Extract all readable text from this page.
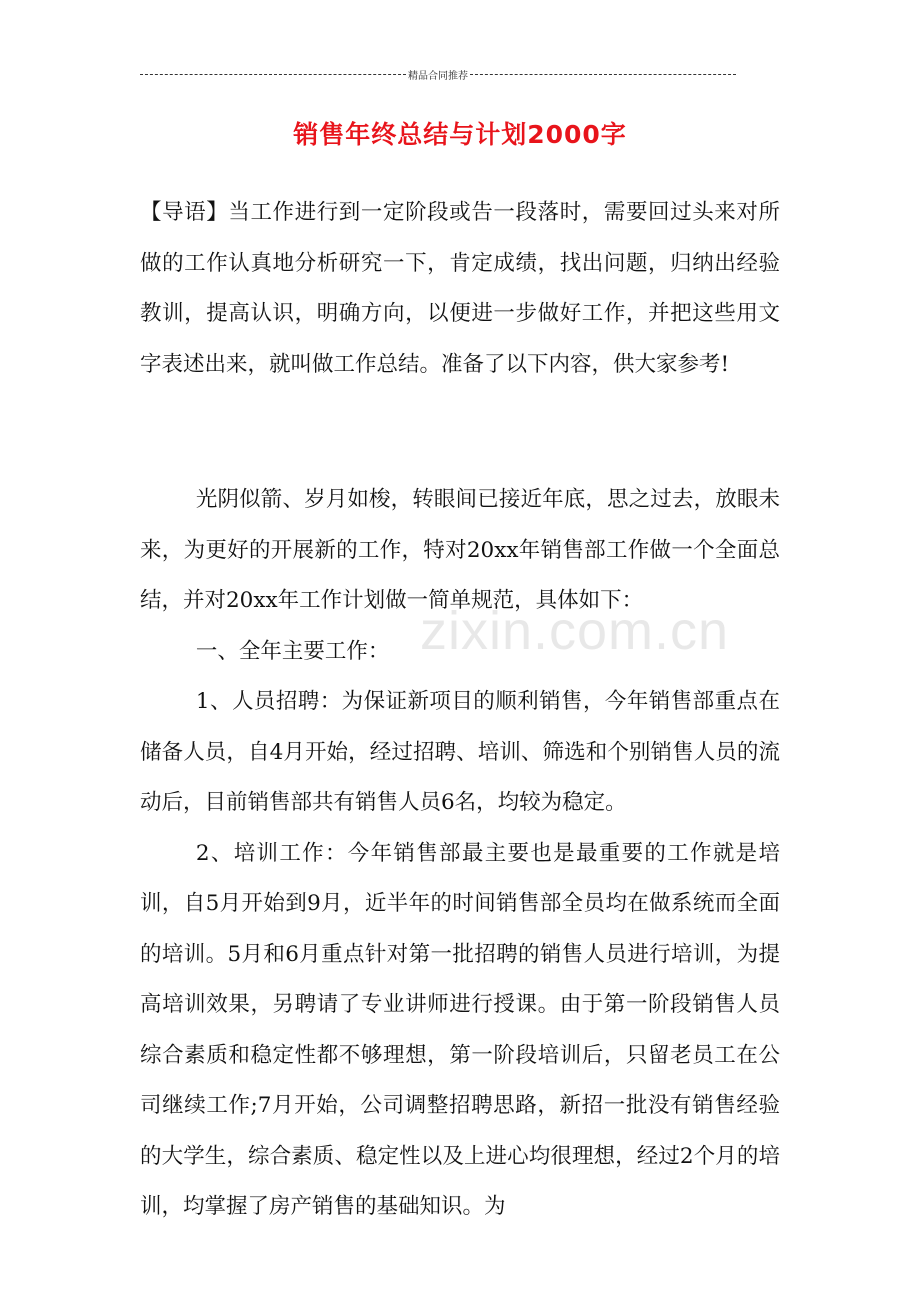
精品合同推荐
销售年终总结与计划2000字

【导语】当工作进行到一定阶段或告一段落时，需要回过头来对所做的工作认真地分析研究一下，肯定成绩，找出问题，归纳出经验教训，提高认识，明确方向，以便进一步做好工作，并把这些用文字表述出来，就叫做工作总结。准备了以下内容，供大家参考!

光阴似箭、岁月如梭，转眼间已接近年底，思之过去，放眼未来，为更好的开展新的工作，特对20xx年销售部工作做一个全面总结，并对20xx年工作计划做一简单规范，具体如下：

一、全年主要工作：

1、人员招聘：为保证新项目的顺利销售，今年销售部重点在储备人员，自4月开始，经过招聘、培训、筛选和个别销售人员的流动后，目前销售部共有销售人员6名，均较为稳定。

2、培训工作：今年销售部最主要也是最重要的工作就是培训，自5月开始到9月，近半年的时间销售部全员均在做系统而全面的培训。5月和6月重点针对第一批招聘的销售人员进行培训，为提高培训效果，另聘请了专业讲师进行授课。由于第一阶段销售人员综合素质和稳定性都不够理想，第一阶段培训后，只留老员工在公司继续工作;7月开始，公司调整招聘思路，新招一批没有销售经验的大学生，综合素质、稳定性以及上进心均很理想，经过2个月的培训，均掌握了房产销售的基础知识。为

zixin.com.cn
